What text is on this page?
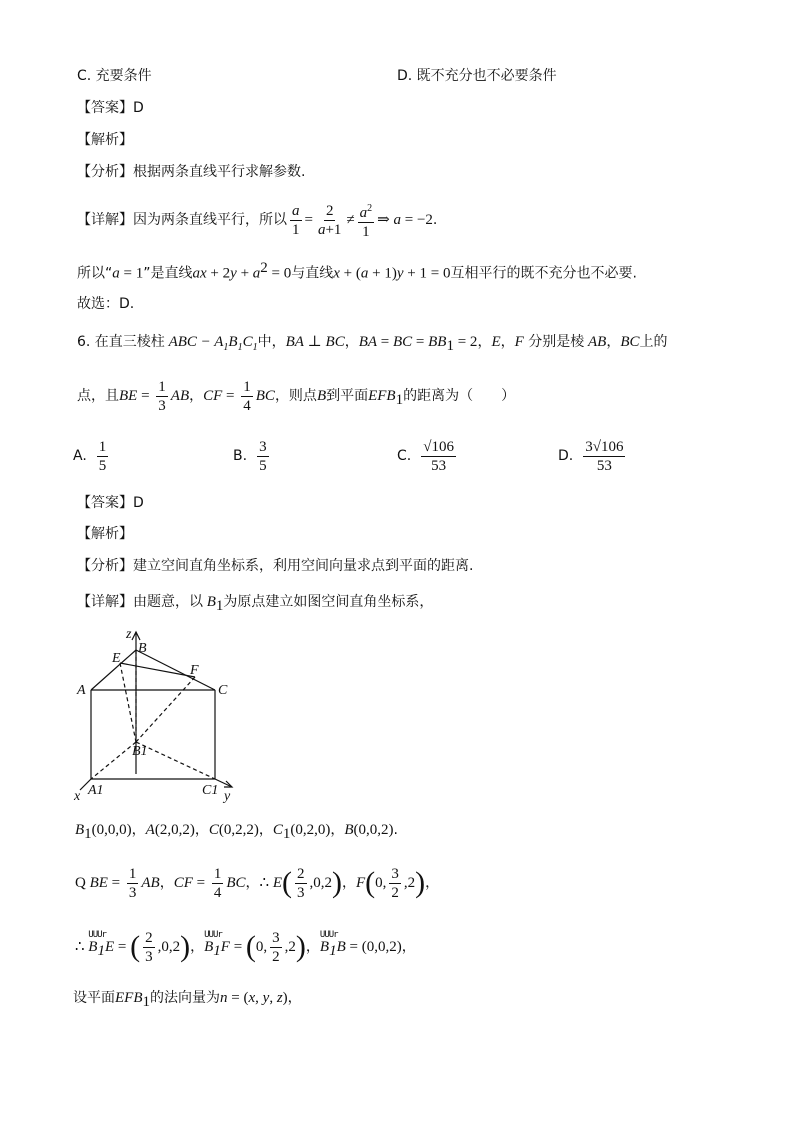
C. 充要条件	D. 既不充分也不必要条件
【答案】D
【解析】
【分析】根据两条直线平行求解参数.
【详解】因为两条直线平行，所以 $\frac{a}{1} = \frac{2}{a+1} \ne \frac{a^2}{1}$ ⇒ a = −2.
所以“a = 1”是直线ax + $2y + a^2 = 0$与直线x + (a + 1)y + 1 = 0互相平行的既不充分也不必要.
故选：D.
6. 在直三棱柱 ABC − $A_1B_1C_1$中，BA ⊥ BC，BA = BC = $BB_1 = 2$，E，F 分别是棱 AB，BC上的
点，且BE = $\frac{1}{3}$ AB，CF = $\frac{1}{4}$ BC，则点B到平面$EFB_1$的距离为（　　）
A. $\frac{1}{5}$	B. $\frac{3}{5}$	C. $\frac{√106}{53}$	D. $\frac{3√106}{53}$
【答案】D
【解析】
【分析】建立空间直角坐标系，利用空间向量求点到平面的距离.
【详解】由题意，以 $B_1$为原点建立如图空间直角坐标系，
z
B
E
F
A	C
B1
x A1	C1 y
$B_1(0,0,0)$，A(2,0,2)，C(0,2,2)，$C_1(0,2,0)$，B(0,0,2).
Q BE = $\frac{1}{3}$ AB，CF = $\frac{1}{4}$ BC，∴ $E( \frac{2}{3} ,0,2)$，F(0, $\frac{3}{2} ,2$)，
∴ $B_1E$
UUUr
= ( $\frac{2}{3} ,0,2$)，$B_1F$
UUUr
= (0, $\frac{3}{2} ,2$)，$B_1B$
UUUr
= (0,0,2)，
设平面$EFB_1$的法向量为n = (x, y, z)，
